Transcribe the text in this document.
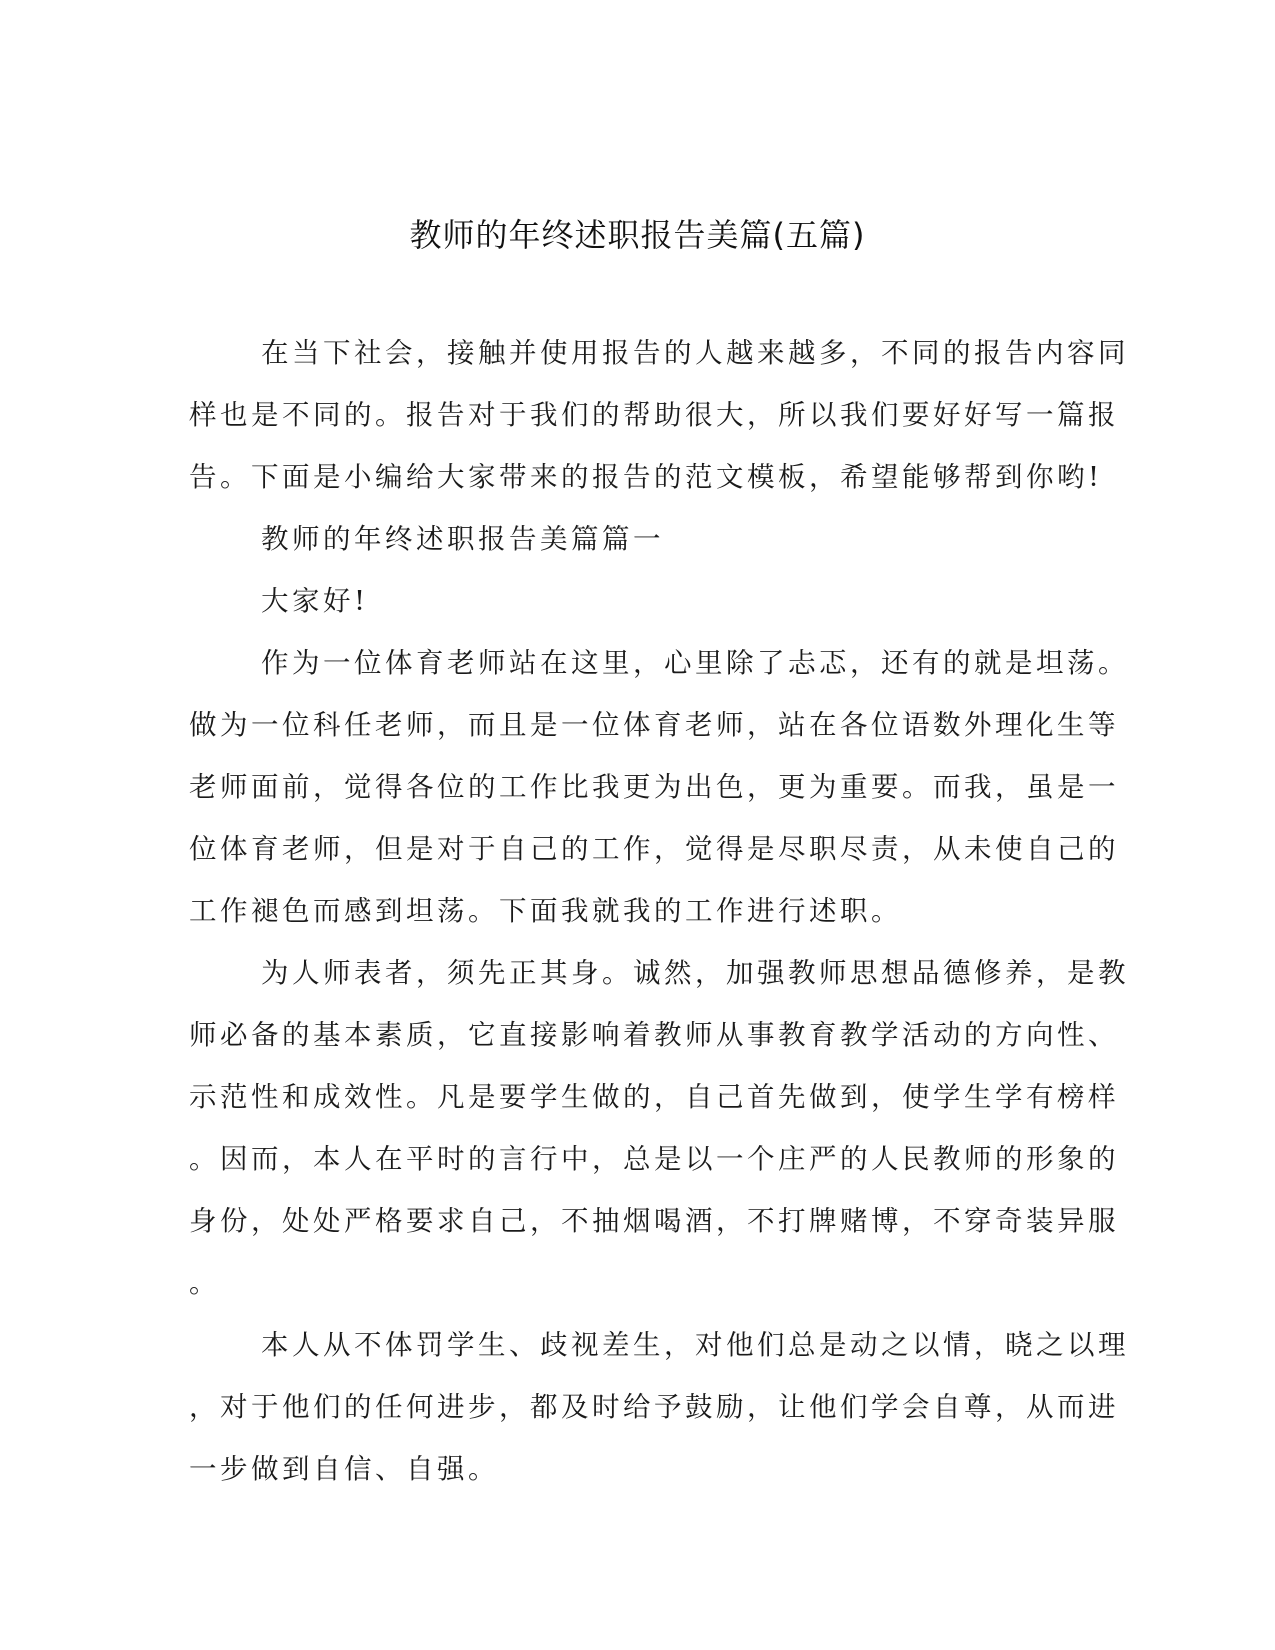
教师的年终述职报告美篇(五篇)

在当下社会，接触并使用报告的人越来越多，不同的报告内容同

样也是不同的。报告对于我们的帮助很大，所以我们要好好写一篇报

告。下面是小编给大家带来的报告的范文模板，希望能够帮到你哟!

教师的年终述职报告美篇篇一

大家好!

作为一位体育老师站在这里，心里除了忐忑，还有的就是坦荡。

做为一位科任老师，而且是一位体育老师，站在各位语数外理化生等

老师面前，觉得各位的工作比我更为出色，更为重要。而我，虽是一

位体育老师，但是对于自己的工作，觉得是尽职尽责，从未使自己的

工作褪色而感到坦荡。下面我就我的工作进行述职。

为人师表者，须先正其身。诚然，加强教师思想品德修养，是教

师必备的基本素质，它直接影响着教师从事教育教学活动的方向性、

示范性和成效性。凡是要学生做的，自己首先做到，使学生学有榜样

。因而，本人在平时的言行中，总是以一个庄严的人民教师的形象的

身份，处处严格要求自己，不抽烟喝酒，不打牌赌博，不穿奇装异服

。

本人从不体罚学生、歧视差生，对他们总是动之以情，晓之以理

，对于他们的任何进步，都及时给予鼓励，让他们学会自尊，从而进

一步做到自信、自强。
